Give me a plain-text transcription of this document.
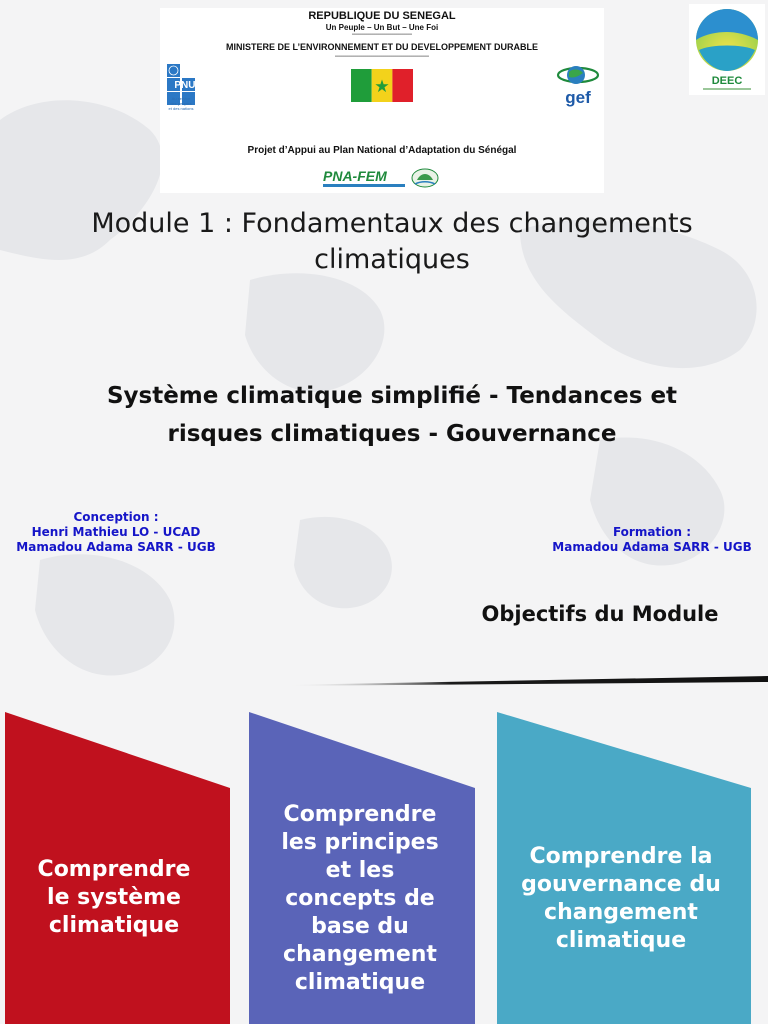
REPUBLIQUE DU SENEGAL
Un Peuple – Un But – Une Foi
------------------------------
MINISTERE DE L’ENVIRONNEMENT ET DU DEVELOPPEMENT DURABLE
-----------------------------------------------
PNUD
Au service
des peuples
et des nations
gef
Projet d’Appui au Plan National d’Adaptation du Sénégal
PNA-FEM
DEEC
Module 1 : Fondamentaux des changements
climatiques
Système climatique simplifié - Tendances et
risques climatiques - Gouvernance
Conception :
Henri Mathieu LO - UCAD
Mamadou Adama SARR - UGB
Formation :
Mamadou Adama SARR - UGB
Objectifs du Module
Comprendre
le système
climatique
Comprendre
les principes
et les
concepts de
base du
changement
climatique
Comprendre la
gouvernance du
changement
climatique
